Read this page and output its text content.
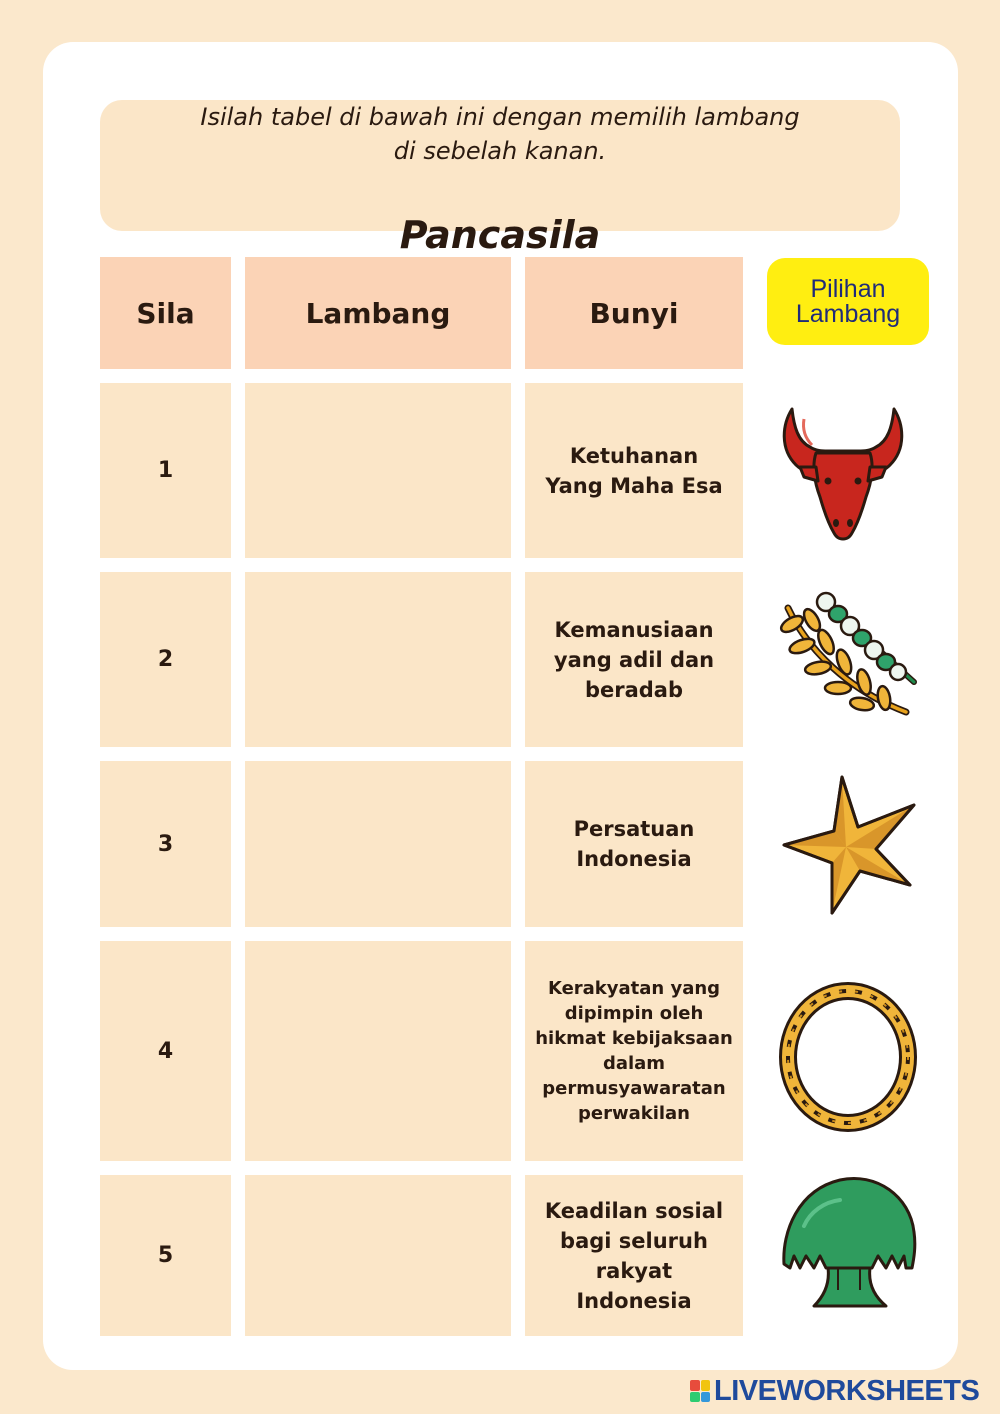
Pancasila
Isilah tabel di bawah ini dengan memilih lambang di sebelah kanan.
Sila	Lambang	Bunyi
1
Ketuhanan Yang Maha Esa
2
Kemanusiaan yang adil dan beradab
3
Persatuan Indonesia
4
Kerakyatan yang dipimpin oleh hikmat kebijaksaan dalam permusyawaratan perwakilan
5
Keadilan sosial bagi seluruh rakyat Indonesia
Pilihan Lambang
LIVEWORKSHEETS
